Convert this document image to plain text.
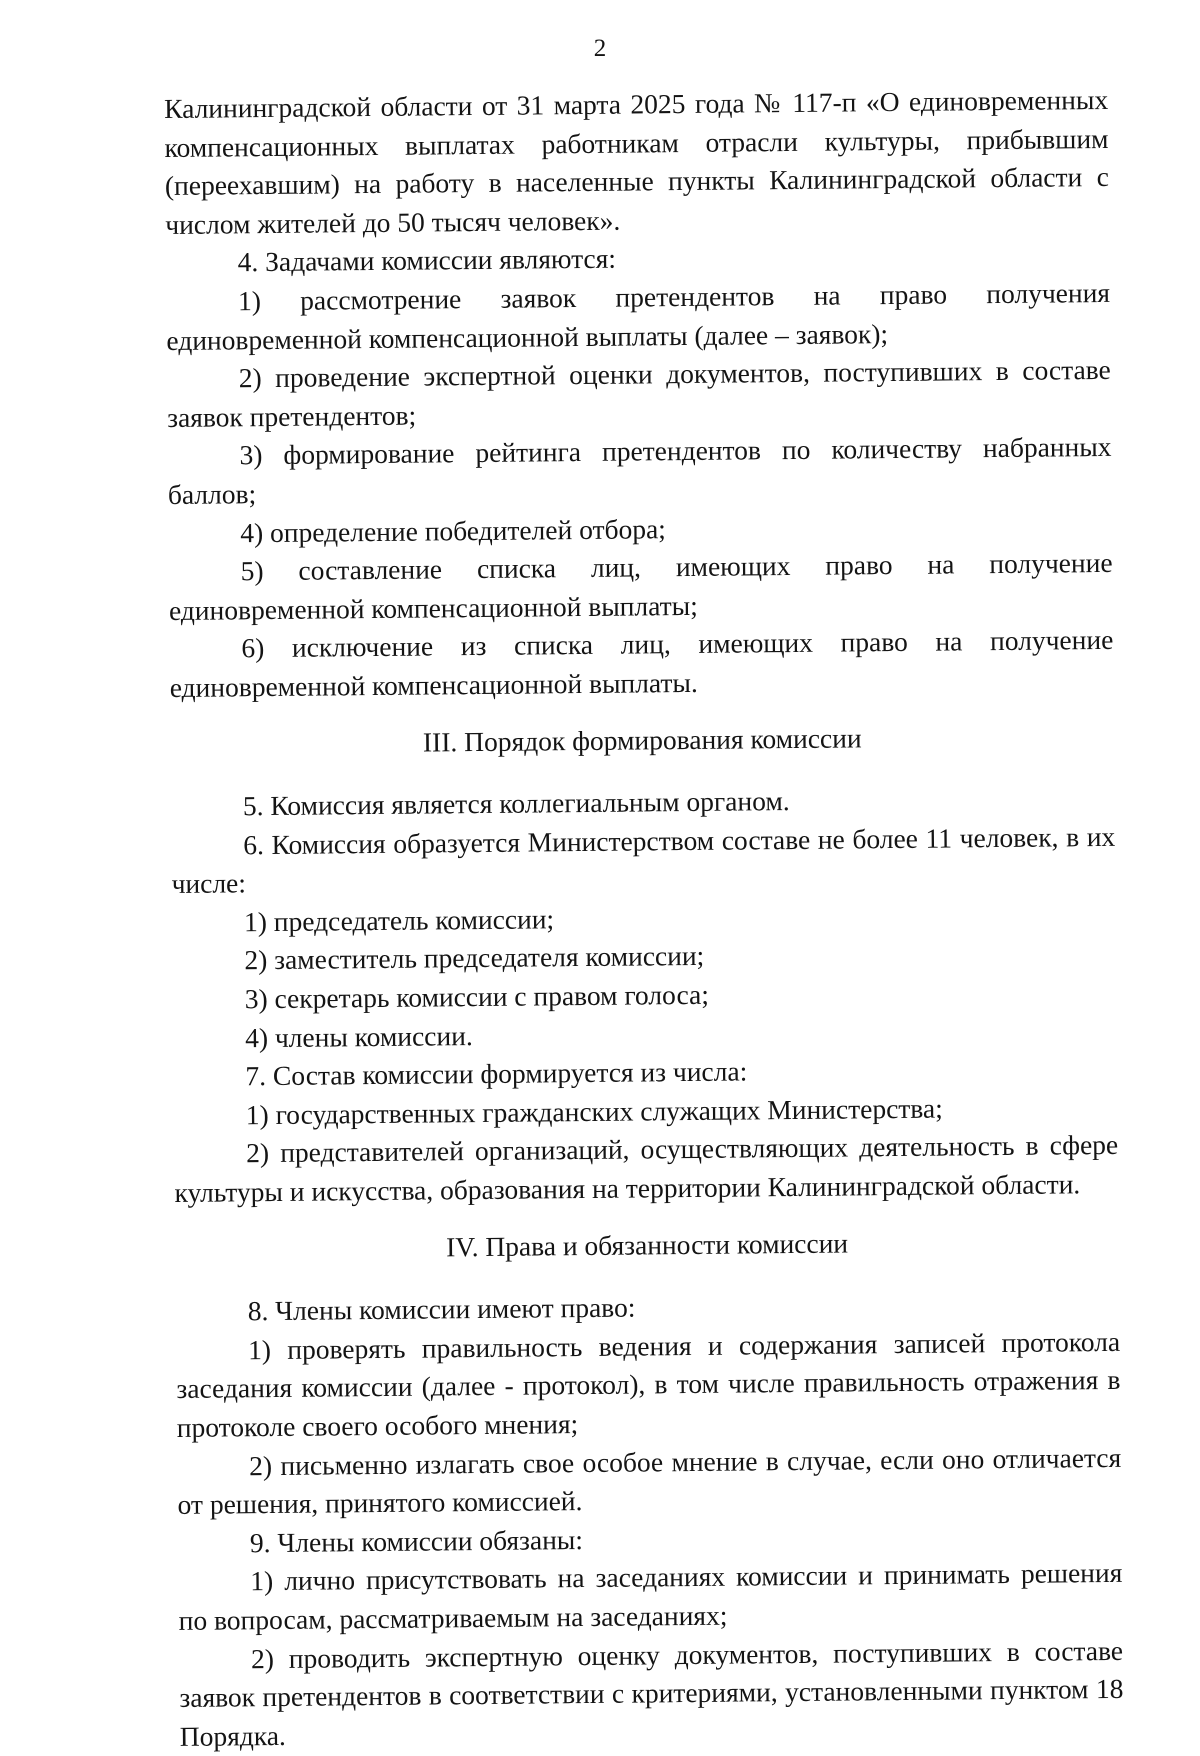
2

Калининградской области от 31 марта 2025 года № 117-п «О единовременных компенсационных выплатах работникам отрасли культуры, прибывшим (переехавшим) на работу в населенные пункты Калининградской области с числом жителей до 50 тысяч человек».

4. Задачами комиссии являются:

1) рассмотрение заявок претендентов на право получения единовременной компенсационной выплаты (далее – заявок);

2) проведение экспертной оценки документов, поступивших в составе заявок претендентов;

3) формирование рейтинга претендентов по количеству набранных баллов;

4) определение победителей отбора;

5) составление списка лиц, имеющих право на получение единовременной компенсационной выплаты;

6) исключение из списка лиц, имеющих право на получение единовременной компенсационной выплаты.

III. Порядок формирования комиссии

5. Комиссия является коллегиальным органом.

6. Комиссия образуется Министерством составе не более 11 человек, в их числе:

1) председатель комиссии;

2) заместитель председателя комиссии;

3) секретарь комиссии с правом голоса;

4) члены комиссии.

7. Состав комиссии формируется из числа:

1) государственных гражданских служащих Министерства;

2) представителей организаций, осуществляющих деятельность в сфере культуры и искусства, образования на территории Калининградской области.

IV. Права и обязанности комиссии

8. Члены комиссии имеют право:

1) проверять правильность ведения и содержания записей протокола заседания комиссии (далее - протокол), в том числе правильность отражения в протоколе своего особого мнения;

2) письменно излагать свое особое мнение в случае, если оно отличается от решения, принятого комиссией.

9. Члены комиссии обязаны:

1) лично присутствовать на заседаниях комиссии и принимать решения по вопросам, рассматриваемым на заседаниях;

2) проводить экспертную оценку документов, поступивших в составе заявок претендентов в соответствии с критериями, установленными пунктом 18 Порядка.
